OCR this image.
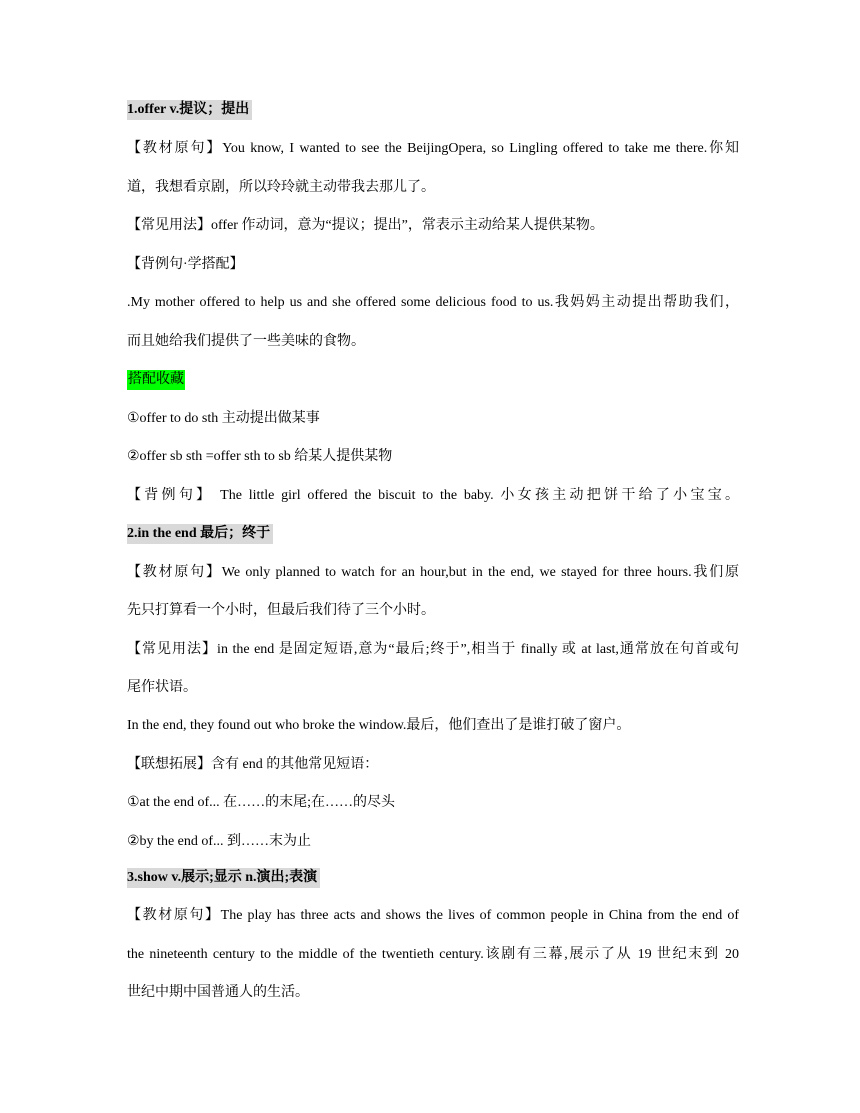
1.offer v.提议；提出
【教材原句】You know, I wanted to see the BeijingOpera, so Lingling offered to take me there.你知
道，我想看京剧，所以玲玲就主动带我去那儿了。
【常见用法】offer 作动词，意为“提议；提出”，常表示主动给某人提供某物。
【背例句·学搭配】
.My mother offered to help us and she offered some delicious food to us.我妈妈主动提出帮助我们，
而且她给我们提供了一些美味的食物。
搭配收藏
①offer to do sth 主动提出做某事
②offer sb sth =offer sth to sb 给某人提供某物
【背例句】 The little girl offered the biscuit to the baby. 小女孩主动把饼干给了小宝宝。
2.in the end 最后；终于
【教材原句】We only planned to watch for an hour,but in the end, we stayed for three hours.我们原
先只打算看一个小时，但最后我们待了三个小时。
【常见用法】in the end 是固定短语,意为“最后;终于”,相当于 finally 或 at last,通常放在句首或句
尾作状语。
In the end, they found out who broke the window.最后，他们查出了是谁打破了窗户。
【联想拓展】含有 end 的其他常见短语：
①at the end of... 在……的末尾;在……的尽头
②by the end of... 到……末为止
3.show v.展示;显示 n.演出;表演
【教材原句】The play has three acts and shows the lives of common people in China from the end of
the nineteenth century to the middle of the twentieth century.该剧有三幕,展示了从 19 世纪末到 20
世纪中期中国普通人的生活。
